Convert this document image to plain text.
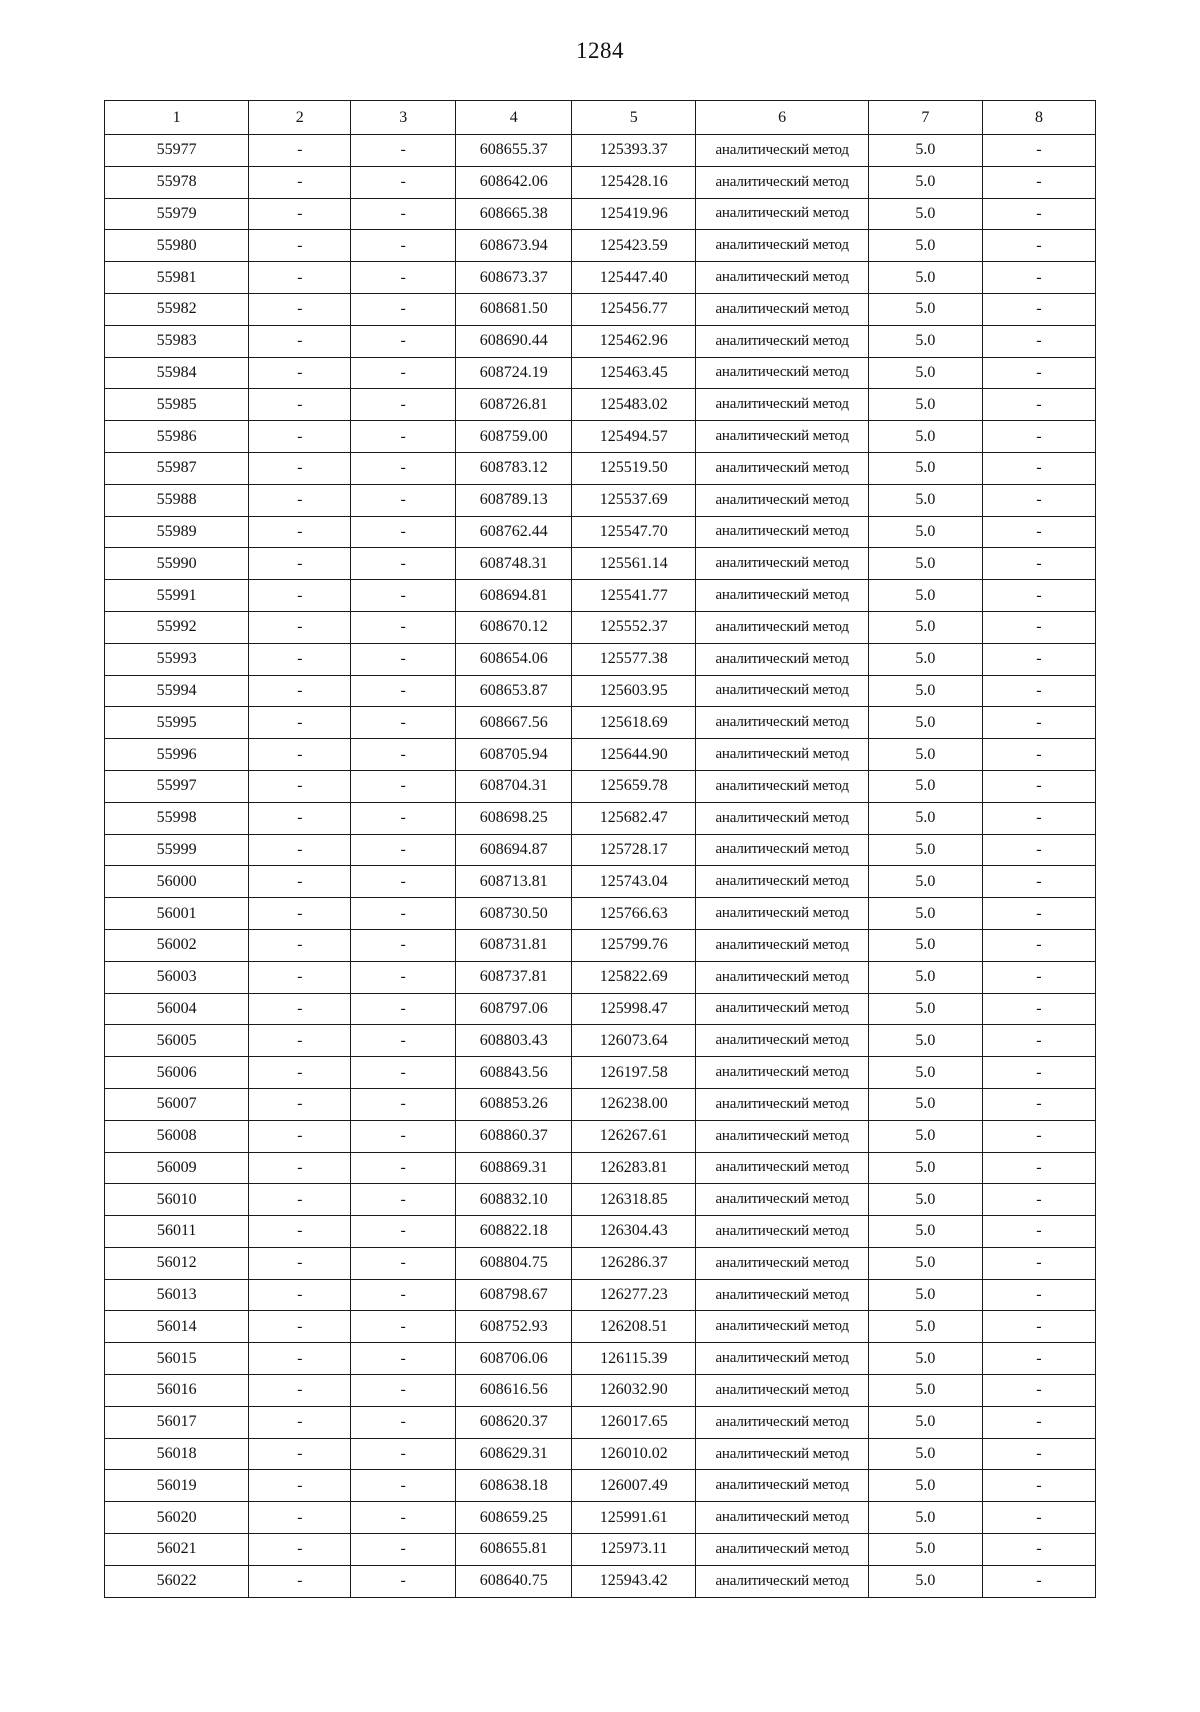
1284
1	2	3	4	5	6	7	8
55977	-	-	608655.37	125393.37	аналитический метод	5.0	-
55978	-	-	608642.06	125428.16	аналитический метод	5.0	-
55979	-	-	608665.38	125419.96	аналитический метод	5.0	-
55980	-	-	608673.94	125423.59	аналитический метод	5.0	-
55981	-	-	608673.37	125447.40	аналитический метод	5.0	-
55982	-	-	608681.50	125456.77	аналитический метод	5.0	-
55983	-	-	608690.44	125462.96	аналитический метод	5.0	-
55984	-	-	608724.19	125463.45	аналитический метод	5.0	-
55985	-	-	608726.81	125483.02	аналитический метод	5.0	-
55986	-	-	608759.00	125494.57	аналитический метод	5.0	-
55987	-	-	608783.12	125519.50	аналитический метод	5.0	-
55988	-	-	608789.13	125537.69	аналитический метод	5.0	-
55989	-	-	608762.44	125547.70	аналитический метод	5.0	-
55990	-	-	608748.31	125561.14	аналитический метод	5.0	-
55991	-	-	608694.81	125541.77	аналитический метод	5.0	-
55992	-	-	608670.12	125552.37	аналитический метод	5.0	-
55993	-	-	608654.06	125577.38	аналитический метод	5.0	-
55994	-	-	608653.87	125603.95	аналитический метод	5.0	-
55995	-	-	608667.56	125618.69	аналитический метод	5.0	-
55996	-	-	608705.94	125644.90	аналитический метод	5.0	-
55997	-	-	608704.31	125659.78	аналитический метод	5.0	-
55998	-	-	608698.25	125682.47	аналитический метод	5.0	-
55999	-	-	608694.87	125728.17	аналитический метод	5.0	-
56000	-	-	608713.81	125743.04	аналитический метод	5.0	-
56001	-	-	608730.50	125766.63	аналитический метод	5.0	-
56002	-	-	608731.81	125799.76	аналитический метод	5.0	-
56003	-	-	608737.81	125822.69	аналитический метод	5.0	-
56004	-	-	608797.06	125998.47	аналитический метод	5.0	-
56005	-	-	608803.43	126073.64	аналитический метод	5.0	-
56006	-	-	608843.56	126197.58	аналитический метод	5.0	-
56007	-	-	608853.26	126238.00	аналитический метод	5.0	-
56008	-	-	608860.37	126267.61	аналитический метод	5.0	-
56009	-	-	608869.31	126283.81	аналитический метод	5.0	-
56010	-	-	608832.10	126318.85	аналитический метод	5.0	-
56011	-	-	608822.18	126304.43	аналитический метод	5.0	-
56012	-	-	608804.75	126286.37	аналитический метод	5.0	-
56013	-	-	608798.67	126277.23	аналитический метод	5.0	-
56014	-	-	608752.93	126208.51	аналитический метод	5.0	-
56015	-	-	608706.06	126115.39	аналитический метод	5.0	-
56016	-	-	608616.56	126032.90	аналитический метод	5.0	-
56017	-	-	608620.37	126017.65	аналитический метод	5.0	-
56018	-	-	608629.31	126010.02	аналитический метод	5.0	-
56019	-	-	608638.18	126007.49	аналитический метод	5.0	-
56020	-	-	608659.25	125991.61	аналитический метод	5.0	-
56021	-	-	608655.81	125973.11	аналитический метод	5.0	-
56022	-	-	608640.75	125943.42	аналитический метод	5.0	-
